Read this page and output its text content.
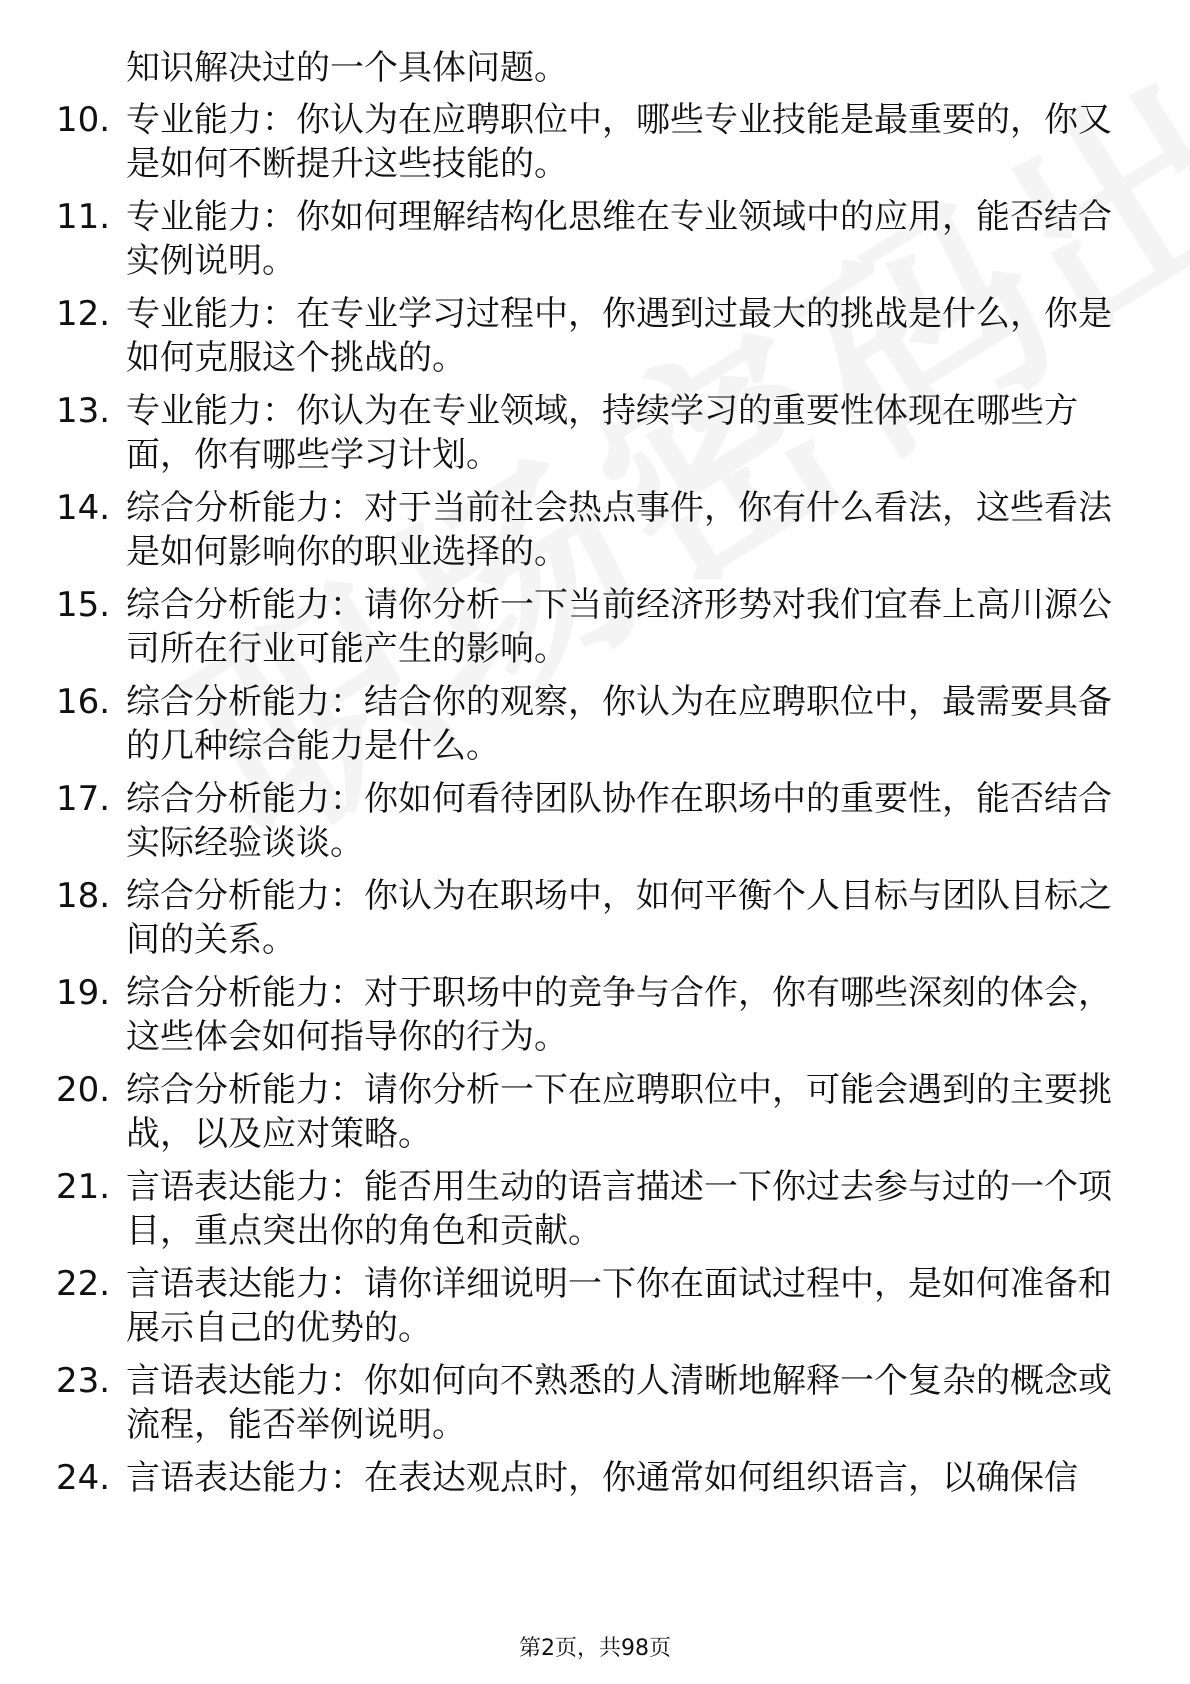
知识解决过的一个具体问题。
10. 专业能力：你认为在应聘职位中，哪些专业技能是最重要的，你又是如何不断提升这些技能的。
11. 专业能力：你如何理解结构化思维在专业领域中的应用，能否结合实例说明。
12. 专业能力：在专业学习过程中，你遇到过最大的挑战是什么，你是如何克服这个挑战的。
13. 专业能力：你认为在专业领域，持续学习的重要性体现在哪些方面，你有哪些学习计划。
14. 综合分析能力：对于当前社会热点事件，你有什么看法，这些看法是如何影响你的职业选择的。
15. 综合分析能力：请你分析一下当前经济形势对我们宜春上高川源公司所在行业可能产生的影响。
16. 综合分析能力：结合你的观察，你认为在应聘职位中，最需要具备的几种综合能力是什么。
17. 综合分析能力：你如何看待团队协作在职场中的重要性，能否结合实际经验谈谈。
18. 综合分析能力：你认为在职场中，如何平衡个人目标与团队目标之间的关系。
19. 综合分析能力：对于职场中的竞争与合作，你有哪些深刻的体会，这些体会如何指导你的行为。
20. 综合分析能力：请你分析一下在应聘职位中，可能会遇到的主要挑战，以及应对策略。
21. 言语表达能力：能否用生动的语言描述一下你过去参与过的一个项目，重点突出你的角色和贡献。
22. 言语表达能力：请你详细说明一下你在面试过程中，是如何准备和展示自己的优势的。
23. 言语表达能力：你如何向不熟悉的人清晰地解释一个复杂的概念或流程，能否举例说明。
24. 言语表达能力：在表达观点时，你通常如何组织语言，以确保信
第2页，共98页
